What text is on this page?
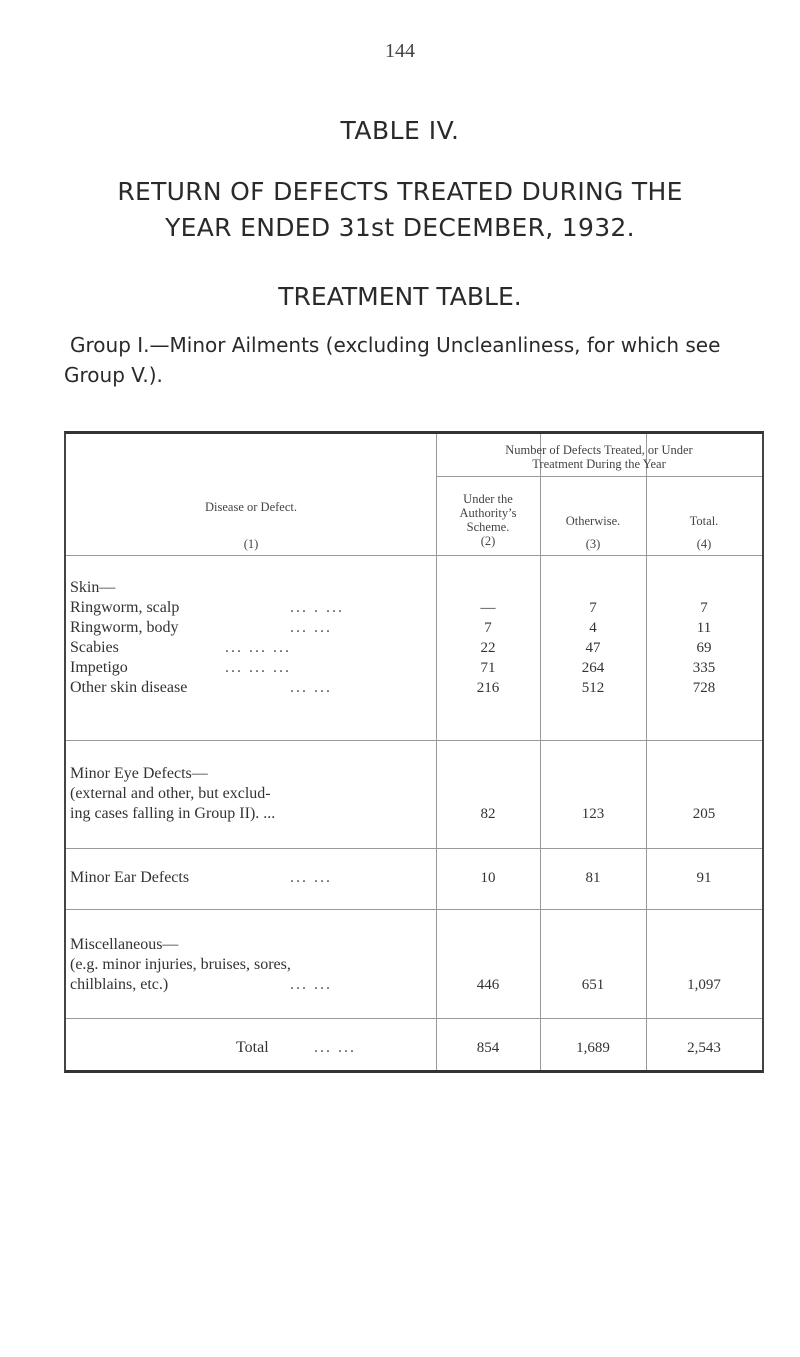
144
TABLE IV.
RETURN OF DEFECTS TREATED DURING THE
YEAR ENDED 31st DECEMBER, 1932.
TREATMENT TABLE.
Group I.—Minor Ailments (excluding Uncleanliness, for which see Group V.).
Disease or Defect.
(1)
Number of Defects Treated, or Under
Treatment During the Year
Under the
Authority’s
Scheme.
(2)
Otherwise.
(3)
Total.
(4)
Skin—
Ringworm, scalp	... . ...	—	7	7
Ringworm, body	... ...	7	4	11
Scabies	... ... ...	22	47	69
Impetigo	... ... ...	71	264	335
Other skin disease	... ...	216	512	728
Minor Eye Defects—
(external and other, but exclud-
ing cases falling in Group II). ...	82	123	205
Minor Ear Defects	... ...	10	81	91
Miscellaneous—
(e.g. minor injuries, bruises, sores,
chilblains, etc.)	... ...	446	651	1,097
Total	... ...	854	1,689	2,543
